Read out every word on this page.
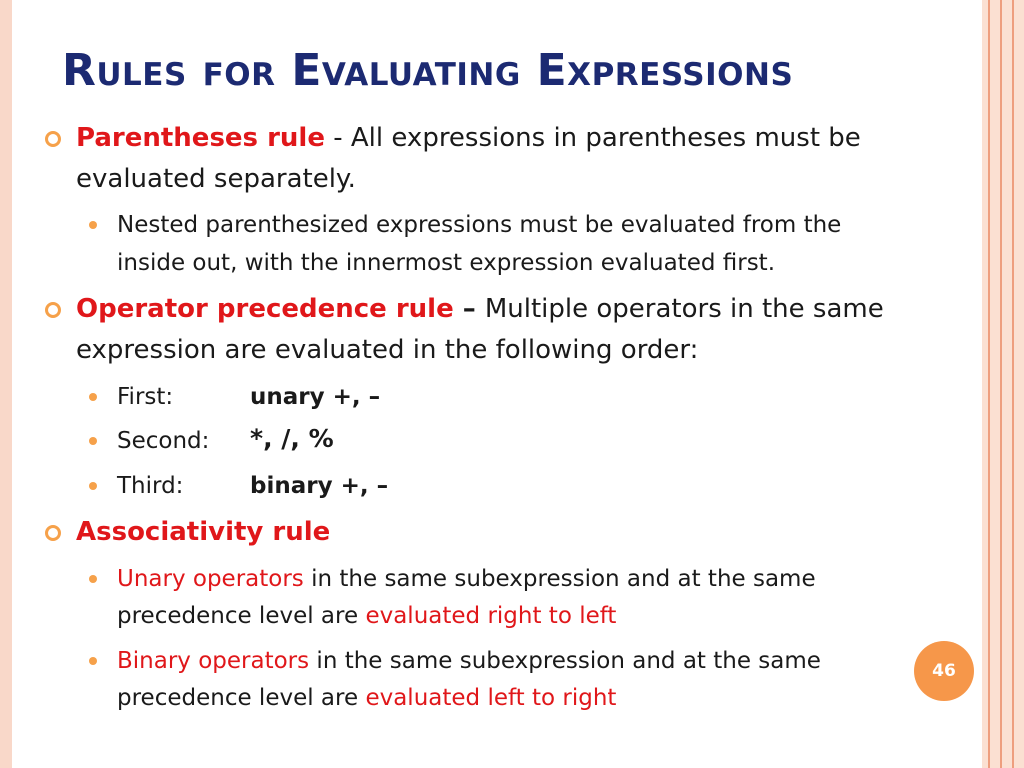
Rules for Evaluating Expressions
Parentheses rule - All expressions in parentheses must be
evaluated separately.
Nested parenthesized expressions must be evaluated from the
inside out, with the innermost expression evaluated first.
Operator precedence rule – Multiple operators in the same
expression are evaluated in the following order:
First:	unary +, –
Second: *, /, %
Third:	binary +, –
Associativity rule
Unary operators in the same subexpression and at the same
precedence level are evaluated right to left
Binary operators in the same subexpression and at the same
precedence level are evaluated left to right
46
